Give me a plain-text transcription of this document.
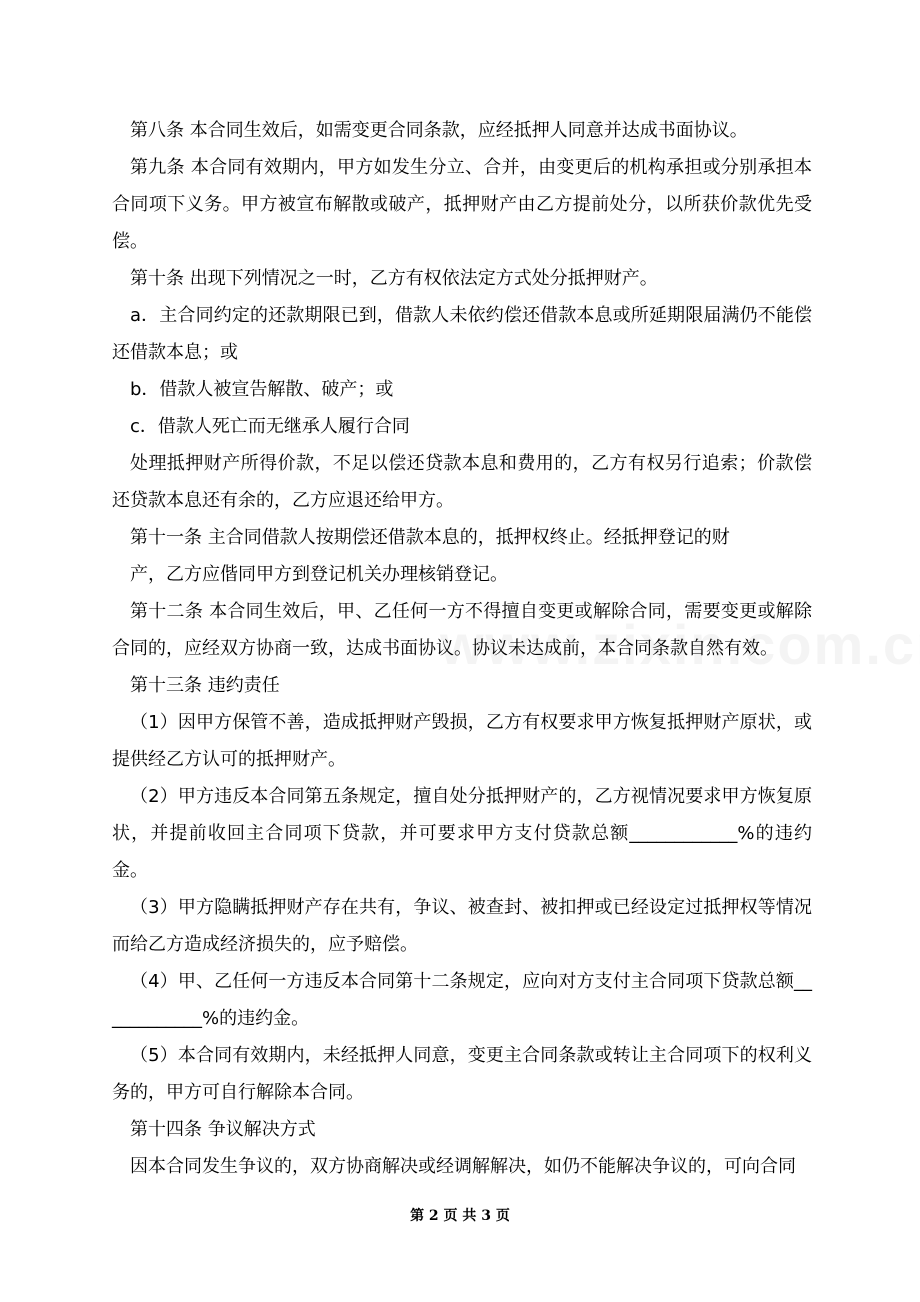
第八条 本合同生效后，如需变更合同条款，应经抵押人同意并达成书面协议。

第九条 本合同有效期内，甲方如发生分立、合并，由变更后的机构承担或分别承担本合同项下义务。甲方被宣布解散或破产，抵押财产由乙方提前处分，以所获价款优先受偿。

第十条 出现下列情况之一时，乙方有权依法定方式处分抵押财产。

a．主合同约定的还款期限已到，借款人未依约偿还借款本息或所延期限届满仍不能偿还借款本息；或

b．借款人被宣告解散、破产；或

c．借款人死亡而无继承人履行合同

处理抵押财产所得价款，不足以偿还贷款本息和费用的，乙方有权另行追索；价款偿还贷款本息还有余的，乙方应退还给甲方。

第十一条 主合同借款人按期偿还借款本息的，抵押权终止。经抵押登记的财

产，乙方应偕同甲方到登记机关办理核销登记。

第十二条 本合同生效后，甲、乙任何一方不得擅自变更或解除合同，需要变更或解除合同的，应经双方协商一致，达成书面协议。协议未达成前，本合同条款自然有效。

第十三条 违约责任

（1）因甲方保管不善，造成抵押财产毁损，乙方有权要求甲方恢复抵押财产原状，或提供经乙方认可的抵押财产。

（2）甲方违反本合同第五条规定，擅自处分抵押财产的，乙方视情况要求甲方恢复原状，并提前收回主合同项下贷款，并可要求甲方支付贷款总额____________%的违约金。

（3）甲方隐瞒抵押财产存在共有，争议、被查封、被扣押或已经设定过抵押权等情况而给乙方造成经济损失的，应予赔偿。

（4）甲、乙任何一方违反本合同第十二条规定，应向对方支付主合同项下贷款总额____________%的违约金。

（5）本合同有效期内，未经抵押人同意，变更主合同条款或转让主合同项下的权利义务的，甲方可自行解除本合同。

第十四条 争议解决方式

因本合同发生争议的，双方协商解决或经调解解决，如仍不能解决争议的，可向合同

第 2 页 共 3 页
